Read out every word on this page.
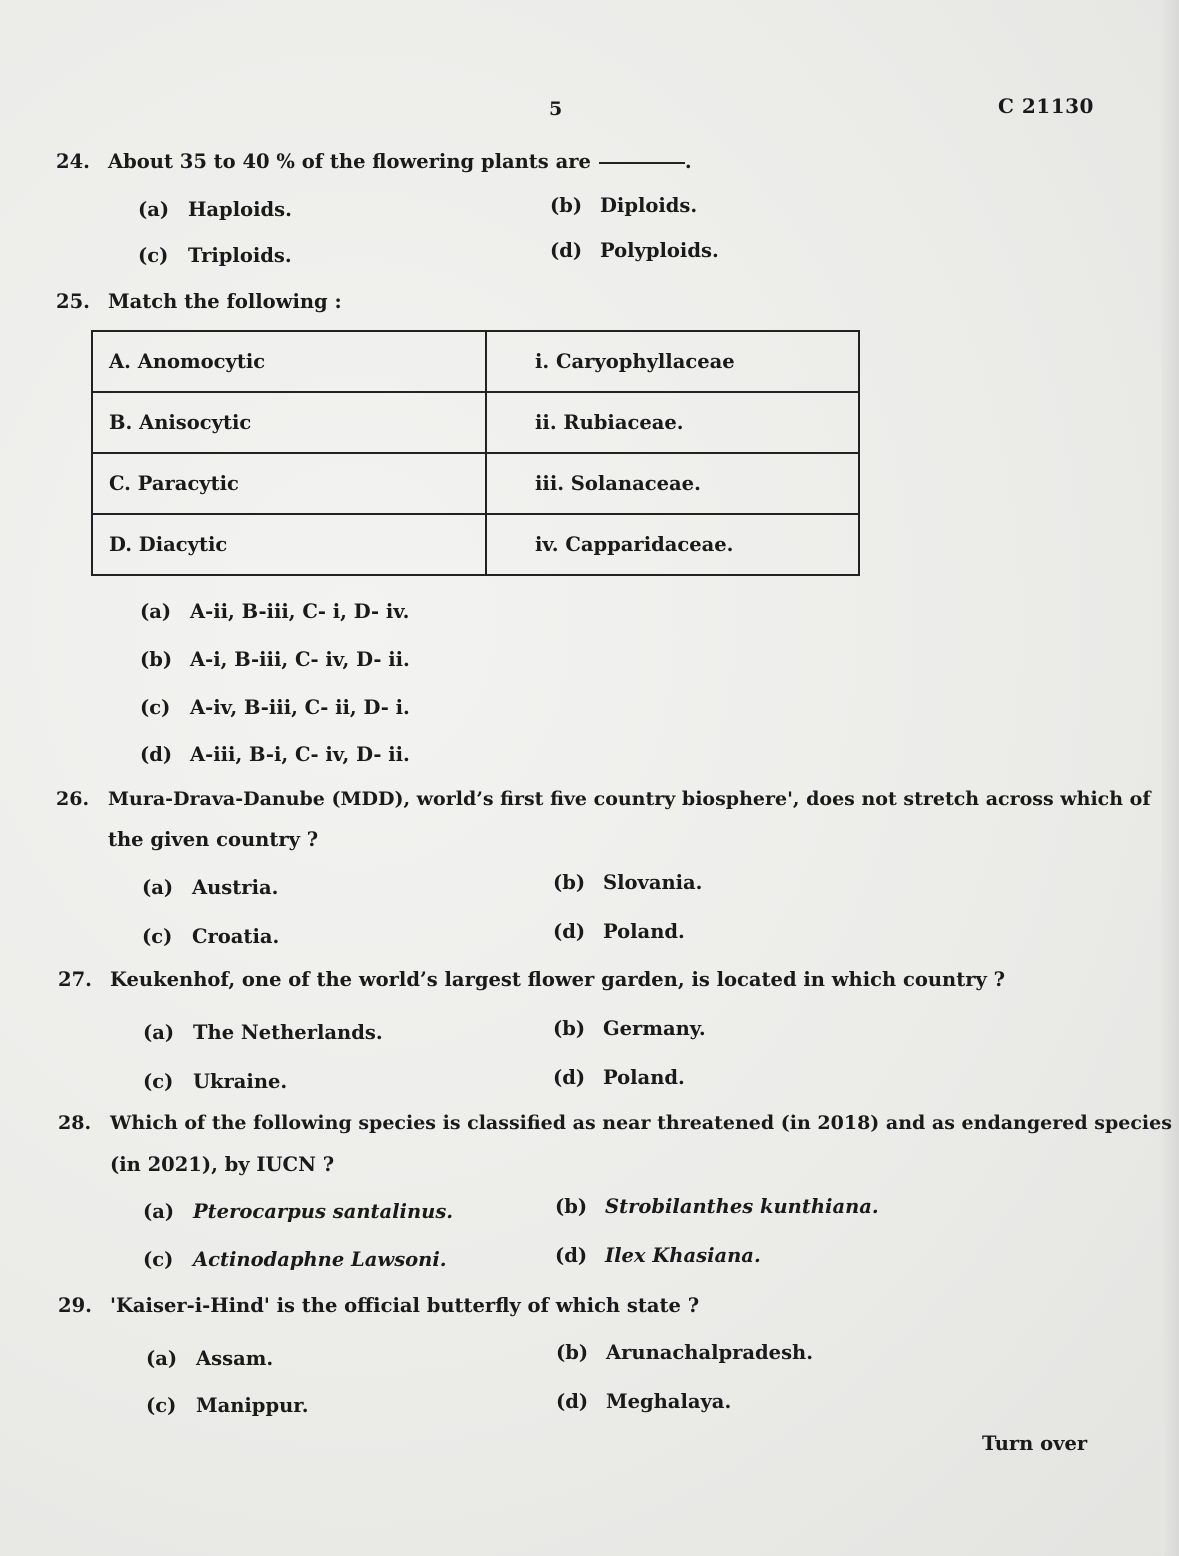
5	C 21130
24. About 35 to 40 % of the flowering plants are	.
(a) Haploids.	(b) Diploids.
(c) Triploids.	(d) Polyploids.
25. Match the following :
A. Anomocytic	i. Caryophyllaceae
B. Anisocytic	ii. Rubiaceae.
C. Paracytic	iii. Solanaceae.
D. Diacytic	iv. Capparidaceae.
(a) A-ii, B-iii, C- i, D- iv.
(b) A-i, B-iii, C- iv, D- ii.
(c) A-iv, B-iii, C- ii, D- i.
(d) A-iii, B-i, C- iv, D- ii.
26. Mura-Drava-Danube (MDD), world’s first five country biosphere', does not stretch across which of
the given country ?
(a) Austria.	(b) Slovania.
(c) Croatia.	(d) Poland.
27. Keukenhof, one of the world’s largest flower garden, is located in which country ?
(a) The Netherlands.	(b) Germany.
(c) Ukraine.	(d) Poland.
28. Which of the following species is classified as near threatened (in 2018) and as endangered species
(in 2021), by IUCN ?
(a) Pterocarpus santalinus.	(b) Strobilanthes kunthiana.
(c) Actinodaphne Lawsoni.	(d) Ilex Khasiana.
29. 'Kaiser-i-Hind' is the official butterfly of which state ?
(a) Assam.	(b) Arunachalpradesh.
(c) Manippur.	(d) Meghalaya.
Turn over
